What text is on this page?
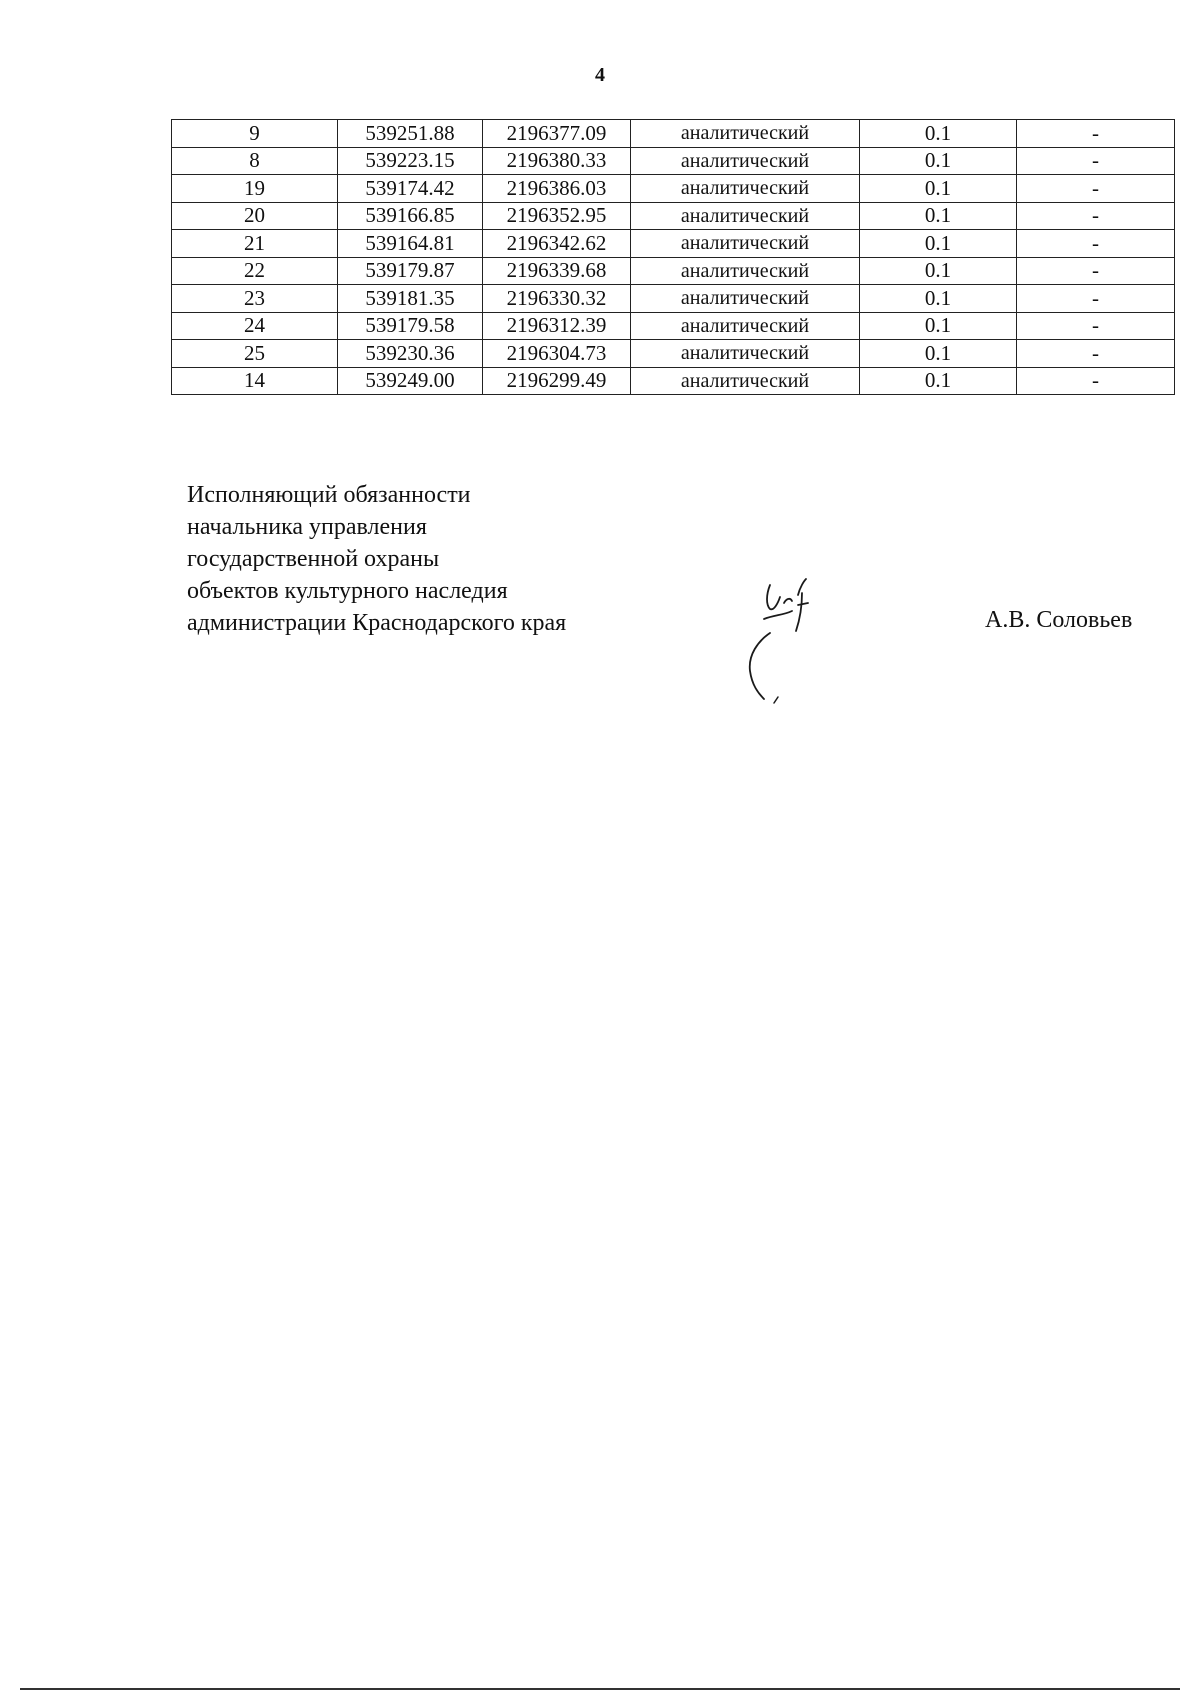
4
9	539251.88	2196377.09	аналитический	0.1	-
8	539223.15	2196380.33	аналитический	0.1	-
19	539174.42	2196386.03	аналитический	0.1	-
20	539166.85	2196352.95	аналитический	0.1	-
21	539164.81	2196342.62	аналитический	0.1	-
22	539179.87	2196339.68	аналитический	0.1	-
23	539181.35	2196330.32	аналитический	0.1	-
24	539179.58	2196312.39	аналитический	0.1	-
25	539230.36	2196304.73	аналитический	0.1	-
14	539249.00	2196299.49	аналитический	0.1	-
Исполняющий обязанности
начальника управления
государственной охраны
объектов культурного наследия
администрации Краснодарского края	А.В. Соловьев
